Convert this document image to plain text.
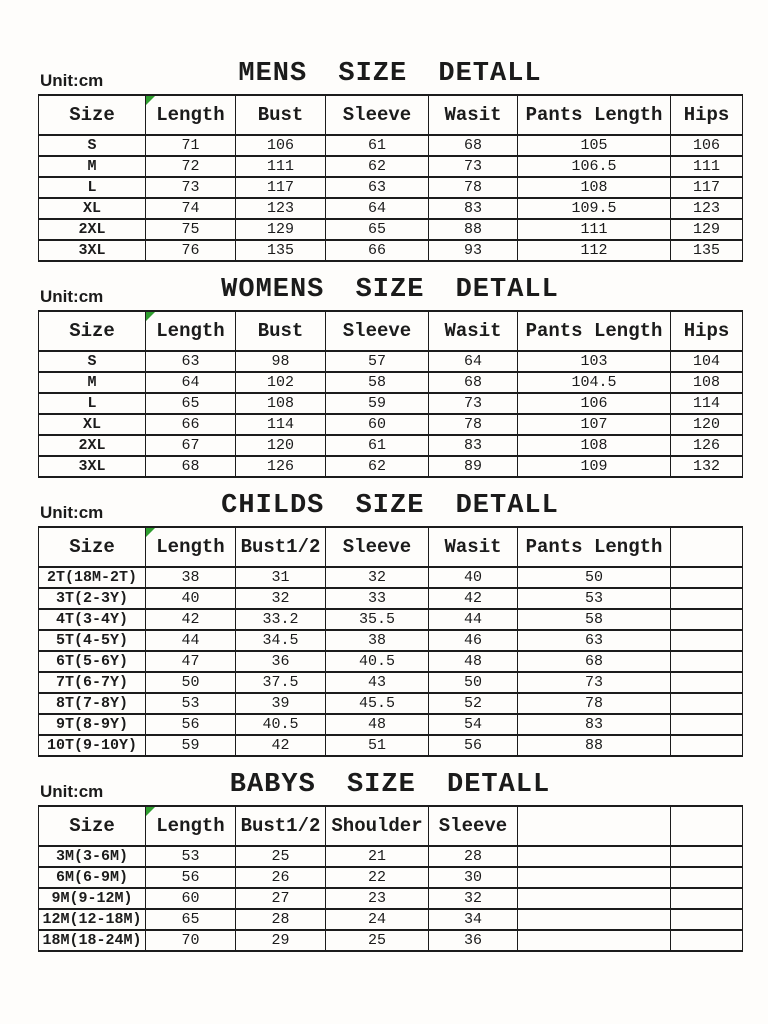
MENS SIZE DETALL
Unit:cm
Size	Length	Bust	Sleeve	Wasit	Pants Length	Hips
S	71	106	61	68	105	106
M	72	111	62	73	106.5	111
L	73	117	63	78	108	117
XL	74	123	64	83	109.5	123
2XL	75	129	65	88	111	129
3XL	76	135	66	93	112	135
WOMENS SIZE DETALL
Unit:cm
Size	Length	Bust	Sleeve	Wasit	Pants Length	Hips
S	63	98	57	64	103	104
M	64	102	58	68	104.5	108
L	65	108	59	73	106	114
XL	66	114	60	78	107	120
2XL	67	120	61	83	108	126
3XL	68	126	62	89	109	132
CHILDS SIZE DETALL
Unit:cm
Size	Length	Bust1/2	Sleeve	Wasit	Pants Length	
2T(18M-2T)	38	31	32	40	50	
3T(2-3Y)	40	32	33	42	53	
4T(3-4Y)	42	33.2	35.5	44	58	
5T(4-5Y)	44	34.5	38	46	63	
6T(5-6Y)	47	36	40.5	48	68	
7T(6-7Y)	50	37.5	43	50	73	
8T(7-8Y)	53	39	45.5	52	78	
9T(8-9Y)	56	40.5	48	54	83	
10T(9-10Y)	59	42	51	56	88	
BABYS SIZE DETALL
Unit:cm
Size	Length	Bust1/2	Shoulder	Sleeve		
3M(3-6M)	53	25	21	28		
6M(6-9M)	56	26	22	30		
9M(9-12M)	60	27	23	32		
12M(12-18M)	65	28	24	34		
18M(18-24M)	70	29	25	36		
